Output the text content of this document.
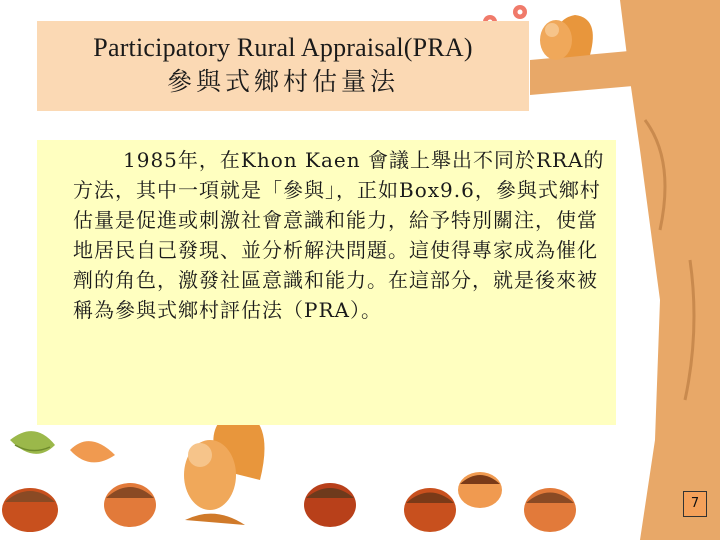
Participatory Rural Appraisal(PRA)
參與式鄉村估量法

1985年，在Khon Kaen 會議上舉出不同於RRA的方法，其中一項就是「參與」，正如Box9.6，參與式鄉村估量是促進或刺激社會意識和能力，給予特別關注，使當地居民自己發現、並分析解決問題。這使得專家成為催化劑的角色，激發社區意識和能力。在這部分，就是後來被稱為參與式鄉村評估法（PRA）。

7
